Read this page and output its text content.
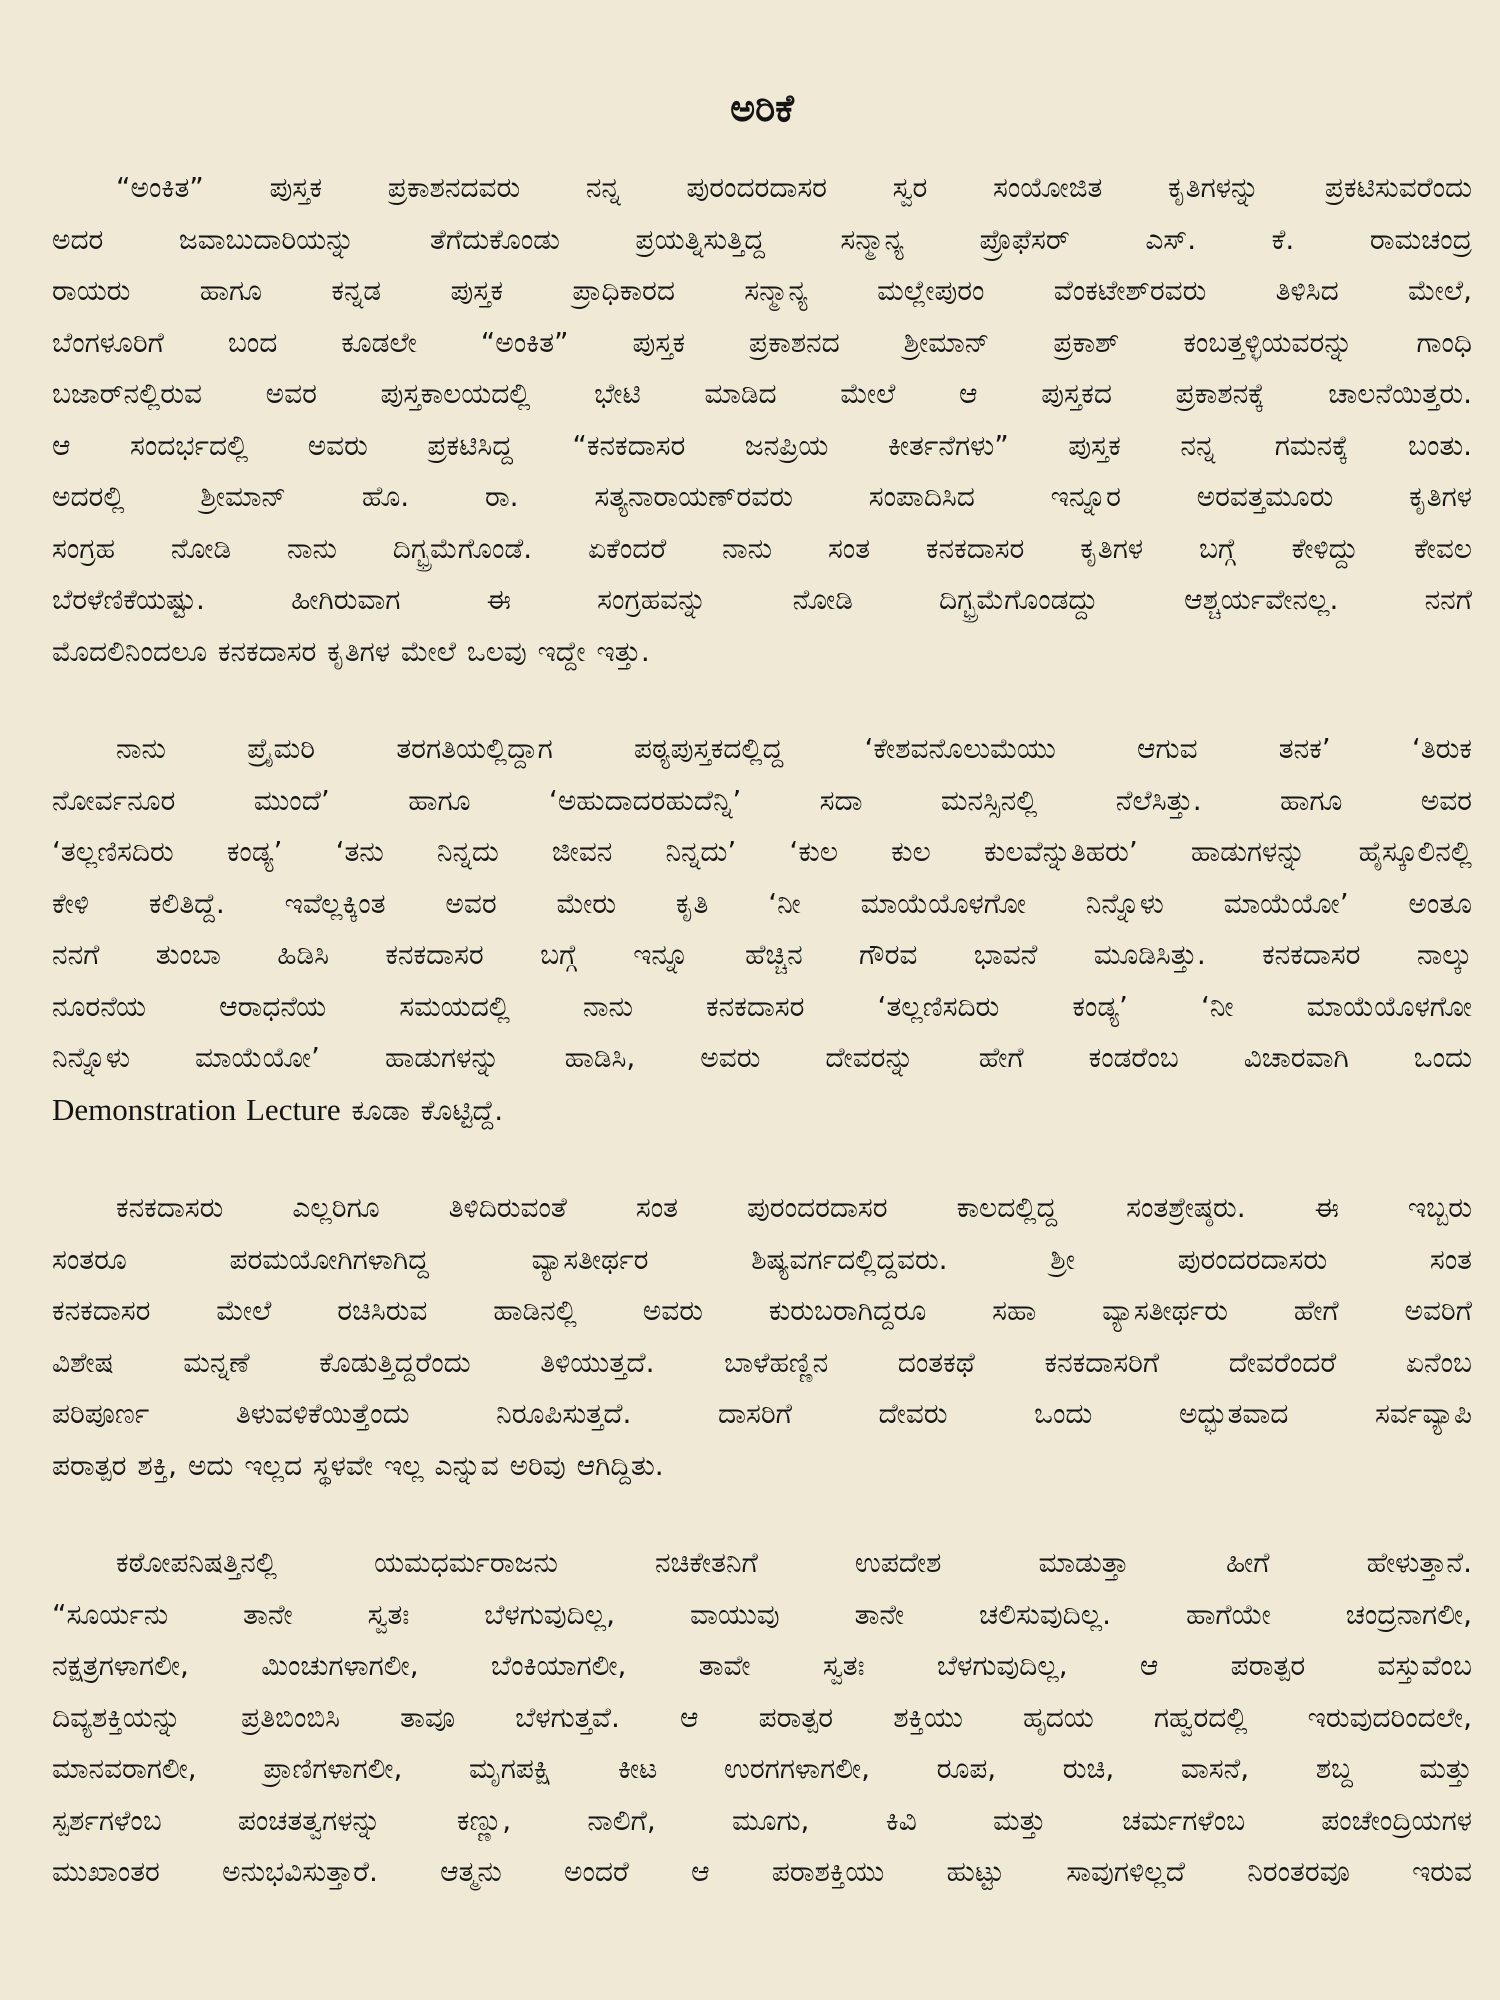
ಅರಿಕೆ
“ಅಂಕಿತ” ಪುಸ್ತಕ ಪ್ರಕಾಶನದವರು ನನ್ನ ಪುರಂದರದಾಸರ ಸ್ವರ ಸಂಯೋಜಿತ ಕೃತಿಗಳನ್ನು ಪ್ರಕಟಿಸುವರೆಂದು
ಅದರ ಜವಾಬುದಾರಿಯನ್ನು ತೆಗೆದುಕೊಂಡು ಪ್ರಯತ್ನಿಸುತ್ತಿದ್ದ ಸನ್ಮಾನ್ಯ ಪ್ರೊಫೆಸರ್ ಎಸ್. ಕೆ. ರಾಮಚಂದ್ರ
ರಾಯರು ಹಾಗೂ ಕನ್ನಡ ಪುಸ್ತಕ ಪ್ರಾಧಿಕಾರದ ಸನ್ಮಾನ್ಯ ಮಲ್ಲೇಪುರಂ ವೆಂಕಟೇಶ್‌ರವರು ತಿಳಿಸಿದ ಮೇಲೆ,
ಬೆಂಗಳೂರಿಗೆ ಬಂದ ಕೂಡಲೇ “ಅಂಕಿತ” ಪುಸ್ತಕ ಪ್ರಕಾಶನದ ಶ್ರೀಮಾನ್ ಪ್ರಕಾಶ್ ಕಂಬತ್ತಳ್ಳಿಯವರನ್ನು ಗಾಂಧಿ
ಬಜಾರ್‌ನಲ್ಲಿರುವ ಅವರ ಪುಸ್ತಕಾಲಯದಲ್ಲಿ ಭೇಟಿ ಮಾಡಿದ ಮೇಲೆ ಆ ಪುಸ್ತಕದ ಪ್ರಕಾಶನಕ್ಕೆ ಚಾಲನೆಯಿತ್ತರು.
ಆ ಸಂದರ್ಭದಲ್ಲಿ ಅವರು ಪ್ರಕಟಿಸಿದ್ದ “ಕನಕದಾಸರ ಜನಪ್ರಿಯ ಕೀರ್ತನೆಗಳು” ಪುಸ್ತಕ ನನ್ನ ಗಮನಕ್ಕೆ ಬಂತು.
ಅದರಲ್ಲಿ ಶ್ರೀಮಾನ್ ಹೊ. ರಾ. ಸತ್ಯನಾರಾಯಣ್‌ರವರು ಸಂಪಾದಿಸಿದ ಇನ್ನೂರ ಅರವತ್ತಮೂರು ಕೃತಿಗಳ
ಸಂಗ್ರಹ ನೋಡಿ ನಾನು ದಿಗ್ಭ್ರಮೆಗೊಂಡೆ. ಏಕೆಂದರೆ ನಾನು ಸಂತ ಕನಕದಾಸರ ಕೃತಿಗಳ ಬಗ್ಗೆ ಕೇಳಿದ್ದು ಕೇವಲ
ಬೆರಳೆಣಿಕೆಯಷ್ಟು. ಹೀಗಿರುವಾಗ ಈ ಸಂಗ್ರಹವನ್ನು ನೋಡಿ ದಿಗ್ಭ್ರಮೆಗೊಂಡದ್ದು ಆಶ್ಚರ್ಯವೇನಲ್ಲ. ನನಗೆ
ಮೊದಲಿನಿಂದಲೂ ಕನಕದಾಸರ ಕೃತಿಗಳ ಮೇಲೆ ಒಲವು ಇದ್ದೇ ಇತ್ತು.
ನಾನು ಪ್ರೈಮರಿ ತರಗತಿಯಲ್ಲಿದ್ದಾಗ ಪಠ್ಯಪುಸ್ತಕದಲ್ಲಿದ್ದ ‘ಕೇಶವನೊಲುಮೆಯು ಆಗುವ ತನಕ’ ‘ತಿರುಕ
ನೋರ್ವನೂರ ಮುಂದೆ’ ಹಾಗೂ ‘ಅಹುದಾದರಹುದೆನ್ನಿ’ ಸದಾ ಮನಸ್ಸಿನಲ್ಲಿ ನೆಲೆಸಿತ್ತು. ಹಾಗೂ ಅವರ
‘ತಲ್ಲಣಿಸದಿರು ಕಂಡ್ಯ’ ‘ತನು ನಿನ್ನದು ಜೀವನ ನಿನ್ನದು’ ‘ಕುಲ ಕುಲ ಕುಲವೆನ್ನುತಿಹರು’ ಹಾಡುಗಳನ್ನು ಹೈಸ್ಕೂಲಿನಲ್ಲಿ
ಕೇಳಿ ಕಲಿತಿದ್ದೆ. ಇವೆಲ್ಲಕ್ಕಿಂತ ಅವರ ಮೇರು ಕೃತಿ ‘ನೀ ಮಾಯೆಯೊಳಗೋ ನಿನ್ನೊಳು ಮಾಯೆಯೋ’ ಅಂತೂ
ನನಗೆ ತುಂಬಾ ಹಿಡಿಸಿ ಕನಕದಾಸರ ಬಗ್ಗೆ ಇನ್ನೂ ಹೆಚ್ಚಿನ ಗೌರವ ಭಾವನೆ ಮೂಡಿಸಿತ್ತು. ಕನಕದಾಸರ ನಾಲ್ಕು
ನೂರನೆಯ ಆರಾಧನೆಯ ಸಮಯದಲ್ಲಿ ನಾನು ಕನಕದಾಸರ ‘ತಲ್ಲಣಿಸದಿರು ಕಂಡ್ಯ’ ‘ನೀ ಮಾಯೆಯೊಳಗೋ
ನಿನ್ನೊಳು ಮಾಯೆಯೋ’ ಹಾಡುಗಳನ್ನು ಹಾಡಿಸಿ, ಅವರು ದೇವರನ್ನು ಹೇಗೆ ಕಂಡರೆಂಬ ವಿಚಾರವಾಗಿ ಒಂದು
Demonstration Lecture ಕೂಡಾ ಕೊಟ್ಟಿದ್ದೆ.
ಕನಕದಾಸರು ಎಲ್ಲರಿಗೂ ತಿಳಿದಿರುವಂತೆ ಸಂತ ಪುರಂದರದಾಸರ ಕಾಲದಲ್ಲಿದ್ದ ಸಂತಶ್ರೇಷ್ಠರು. ಈ ಇಬ್ಬರು
ಸಂತರೂ ಪರಮಯೋಗಿಗಳಾಗಿದ್ದ ವ್ಯಾಸತೀರ್ಥರ ಶಿಷ್ಯವರ್ಗದಲ್ಲಿದ್ದವರು. ಶ್ರೀ ಪುರಂದರದಾಸರು ಸಂತ
ಕನಕದಾಸರ ಮೇಲೆ ರಚಿಸಿರುವ ಹಾಡಿನಲ್ಲಿ ಅವರು ಕುರುಬರಾಗಿದ್ದರೂ ಸಹಾ ವ್ಯಾಸತೀರ್ಥರು ಹೇಗೆ ಅವರಿಗೆ
ವಿಶೇಷ ಮನ್ನಣೆ ಕೊಡುತ್ತಿದ್ದರೆಂದು ತಿಳಿಯುತ್ತದೆ. ಬಾಳೆಹಣ್ಣಿನ ದಂತಕಥೆ ಕನಕದಾಸರಿಗೆ ದೇವರೆಂದರೆ ಏನೆಂಬ
ಪರಿಪೂರ್ಣ ತಿಳುವಳಿಕೆಯಿತ್ತೆಂದು ನಿರೂಪಿಸುತ್ತದೆ. ದಾಸರಿಗೆ ದೇವರು ಒಂದು ಅದ್ಭುತವಾದ ಸರ್ವವ್ಯಾಪಿ
ಪರಾತ್ಪರ ಶಕ್ತಿ, ಅದು ಇಲ್ಲದ ಸ್ಥಳವೇ ಇಲ್ಲ ಎನ್ನುವ ಅರಿವು ಆಗಿದ್ದಿತು.
ಕಠೋಪನಿಷತ್ತಿನಲ್ಲಿ ಯಮಧರ್ಮರಾಜನು ನಚಿಕೇತನಿಗೆ ಉಪದೇಶ ಮಾಡುತ್ತಾ ಹೀಗೆ ಹೇಳುತ್ತಾನೆ.
“ಸೂರ್ಯನು ತಾನೇ ಸ್ವತಃ ಬೆಳಗುವುದಿಲ್ಲ, ವಾಯುವು ತಾನೇ ಚಲಿಸುವುದಿಲ್ಲ. ಹಾಗೆಯೇ ಚಂದ್ರನಾಗಲೀ,
ನಕ್ಷತ್ರಗಳಾಗಲೀ, ಮಿಂಚುಗಳಾಗಲೀ, ಬೆಂಕಿಯಾಗಲೀ, ತಾವೇ ಸ್ವತಃ ಬೆಳಗುವುದಿಲ್ಲ, ಆ ಪರಾತ್ಪರ ವಸ್ತುವೆಂಬ
ದಿವ್ಯಶಕ್ತಿಯನ್ನು ಪ್ರತಿಬಿಂಬಿಸಿ ತಾವೂ ಬೆಳಗುತ್ತವೆ. ಆ ಪರಾತ್ಪರ ಶಕ್ತಿಯು ಹೃದಯ ಗಹ್ವರದಲ್ಲಿ ಇರುವುದರಿಂದಲೇ,
ಮಾನವರಾಗಲೀ, ಪ್ರಾಣಿಗಳಾಗಲೀ, ಮೃಗಪಕ್ಷಿ ಕೀಟ ಉರಗಗಳಾಗಲೀ, ರೂಪ, ರುಚಿ, ವಾಸನೆ, ಶಬ್ದ ಮತ್ತು
ಸ್ಪರ್ಶಗಳೆಂಬ ಪಂಚತತ್ವಗಳನ್ನು ಕಣ್ಣು, ನಾಲಿಗೆ, ಮೂಗು, ಕಿವಿ ಮತ್ತು ಚರ್ಮಗಳೆಂಬ ಪಂಚೇಂದ್ರಿಯಗಳ
ಮುಖಾಂತರ ಅನುಭವಿಸುತ್ತಾರೆ. ಆತ್ಮನು ಅಂದರೆ ಆ ಪರಾಶಕ್ತಿಯು ಹುಟ್ಟು ಸಾವುಗಳಿಲ್ಲದೆ ನಿರಂತರವೂ ಇರುವ
